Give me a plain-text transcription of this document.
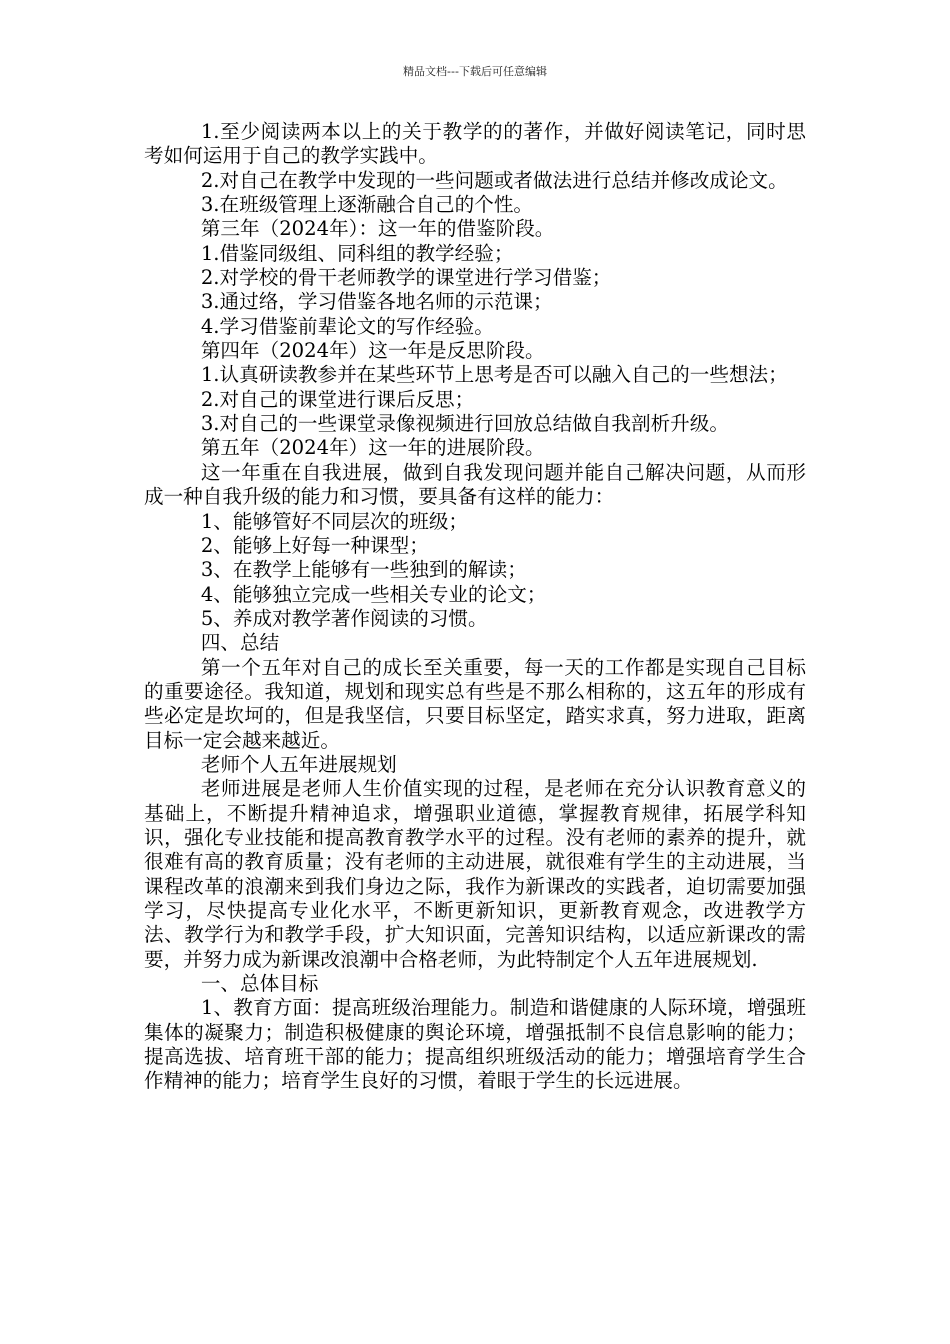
精品文档---下载后可任意编辑

1.至少阅读两本以上的关于教学的的著作，并做好阅读笔记，同时思考如何运用于自己的教学实践中。

2.对自己在教学中发现的一些问题或者做法进行总结并修改成论文。

3.在班级管理上逐渐融合自己的个性。

第三年（2024年）：这一年的借鉴阶段。

1.借鉴同级组、同科组的教学经验；

2.对学校的骨干老师教学的课堂进行学习借鉴；

3.通过络，学习借鉴各地名师的示范课；

4.学习借鉴前辈论文的写作经验。

第四年（2024年）这一年是反思阶段。

1.认真研读教参并在某些环节上思考是否可以融入自己的一些想法；

2.对自己的课堂进行课后反思；

3.对自己的一些课堂录像视频进行回放总结做自我剖析升级。

第五年（2024年）这一年的进展阶段。

这一年重在自我进展，做到自我发现问题并能自己解决问题，从而形成一种自我升级的能力和习惯，要具备有这样的能力：

1、能够管好不同层次的班级；

2、能够上好每一种课型；

3、在教学上能够有一些独到的解读；

4、能够独立完成一些相关专业的论文；

5、养成对教学著作阅读的习惯。

四、总结

第一个五年对自己的成长至关重要，每一天的工作都是实现自己目标的重要途径。我知道，规划和现实总有些是不那么相称的，这五年的形成有些必定是坎坷的，但是我坚信，只要目标坚定，踏实求真，努力进取，距离目标一定会越来越近。

老师个人五年进展规划

老师进展是老师人生价值实现的过程，是老师在充分认识教育意义的基础上，不断提升精神追求，增强职业道德，掌握教育规律，拓展学科知识，强化专业技能和提高教育教学水平的过程。没有老师的素养的提升，就很难有高的教育质量；没有老师的主动进展，就很难有学生的主动进展，当课程改革的浪潮来到我们身边之际，我作为新课改的实践者，迫切需要加强学习，尽快提高专业化水平，不断更新知识，更新教育观念，改进教学方法、教学行为和教学手段，扩大知识面，完善知识结构，以适应新课改的需要，并努力成为新课改浪潮中合格老师，为此特制定个人五年进展规划.

一、总体目标

1、教育方面：提高班级治理能力。制造和谐健康的人际环境，增强班集体的凝聚力；制造积极健康的舆论环境，增强抵制不良信息影响的能力；提高选拔、培育班干部的能力；提高组织班级活动的能力；增强培育学生合作精神的能力；培育学生良好的习惯，着眼于学生的长远进展。
